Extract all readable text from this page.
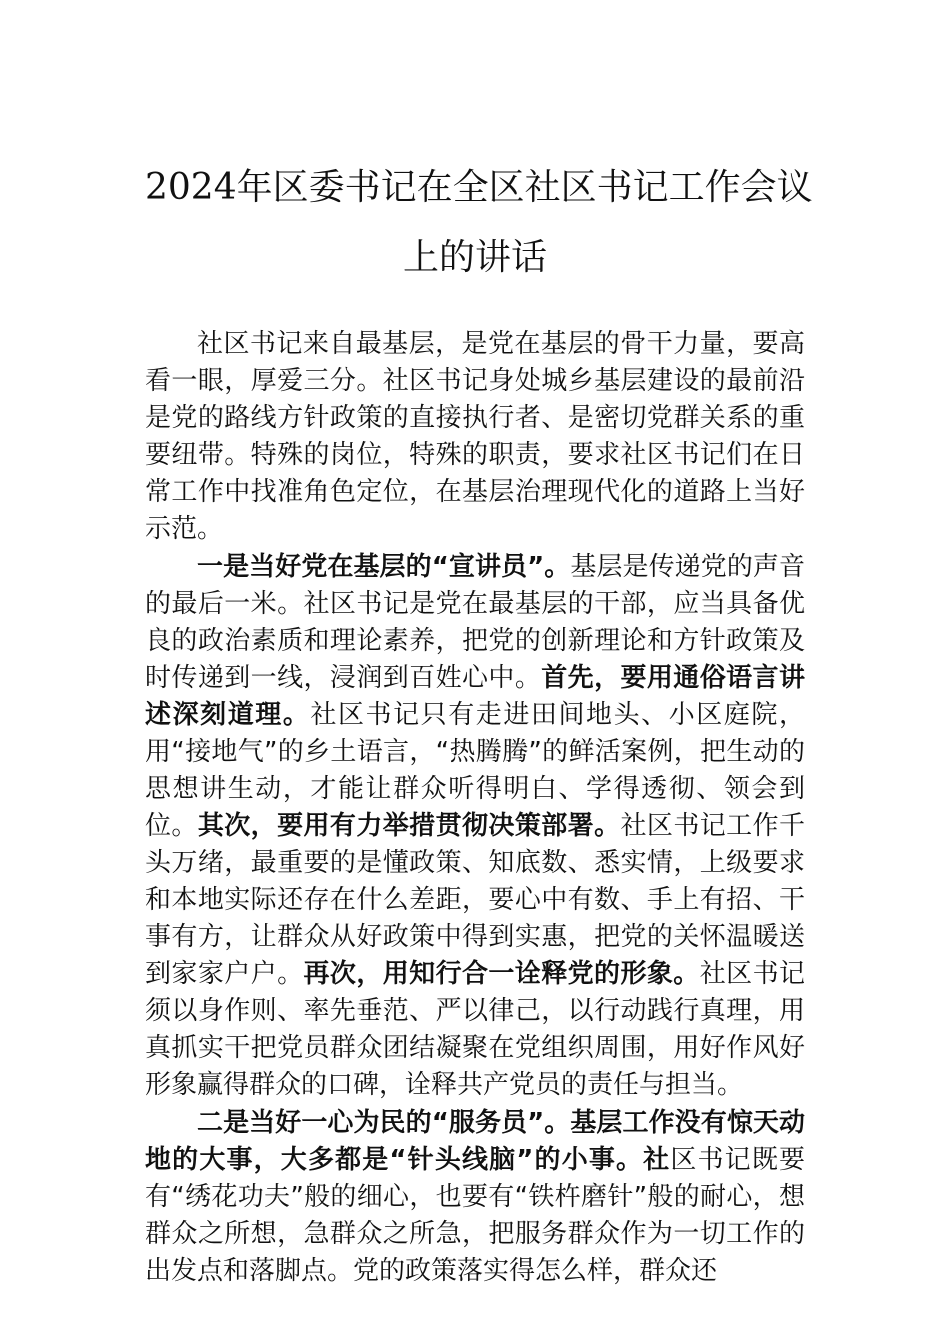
2024年区委书记在全区社区书记工作会议
上的讲话

社区书记来自最基层，是党在基层的骨干力量，要高看一眼，厚爱三分。社区书记身处城乡基层建设的最前沿是党的路线方针政策的直接执行者、是密切党群关系的重要纽带。特殊的岗位，特殊的职责，要求社区书记们在日常工作中找准角色定位，在基层治理现代化的道路上当好示范。

一是当好党在基层的“宣讲员”。基层是传递党的声音的最后一米。社区书记是党在最基层的干部，应当具备优良的政治素质和理论素养，把党的创新理论和方针政策及时传递到一线，浸润到百姓心中。首先，要用通俗语言讲述深刻道理。社区书记只有走进田间地头、小区庭院，用“接地气”的乡土语言，“热腾腾”的鲜活案例，把生动的思想讲生动，才能让群众听得明白、学得透彻、领会到位。其次，要用有力举措贯彻决策部署。社区书记工作千头万绪，最重要的是懂政策、知底数、悉实情，上级要求和本地实际还存在什么差距，要心中有数、手上有招、干事有方，让群众从好政策中得到实惠，把党的关怀温暖送到家家户户。再次，用知行合一诠释党的形象。社区书记须以身作则、率先垂范、严以律己，以行动践行真理，用真抓实干把党员群众团结凝聚在党组织周围，用好作风好形象赢得群众的口碑，诠释共产党员的责任与担当。

二是当好一心为民的“服务员”。基层工作没有惊天动地的大事，大多都是“针头线脑”的小事。社区书记既要有“绣花功夫”般的细心，也要有“铁杵磨针”般的耐心，想群众之所想，急群众之所急，把服务群众作为一切工作的出发点和落脚点。党的政策落实得怎么样，群众还
